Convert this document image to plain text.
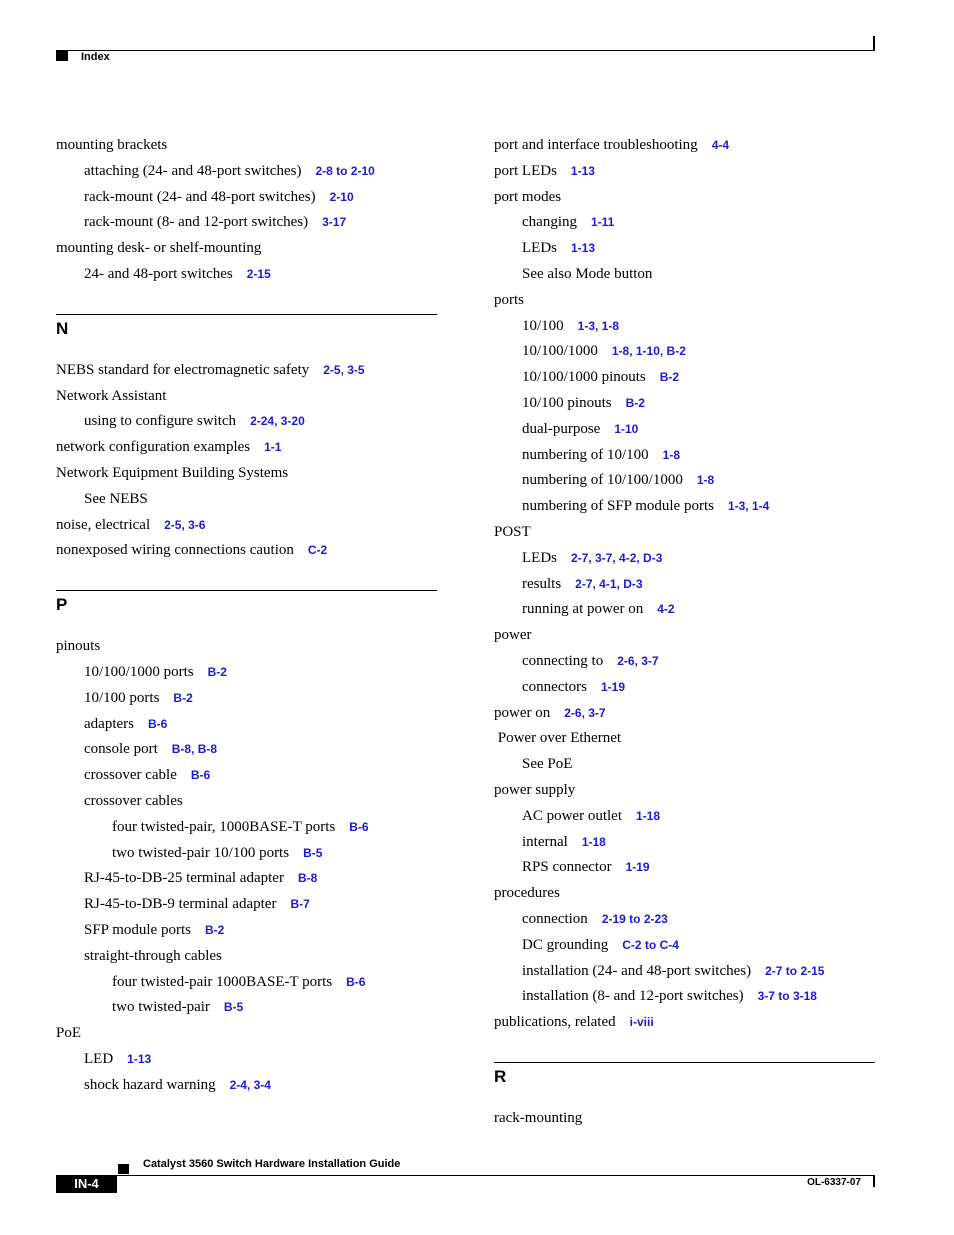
Index
mounting brackets
attaching (24- and 48-port switches) 2-8 to 2-10
rack-mount (24- and 48-port switches) 2-10
rack-mount (8- and 12-port switches) 3-17
mounting desk- or shelf-mounting
24- and 48-port switches 2-15
N
NEBS standard for electromagnetic safety 2-5, 3-5
Network Assistant
using to configure switch 2-24, 3-20
network configuration examples 1-1
Network Equipment Building Systems
See NEBS
noise, electrical 2-5, 3-6
nonexposed wiring connections caution C-2
P
pinouts
10/100/1000 ports B-2
10/100 ports B-2
adapters B-6
console port B-8, B-8
crossover cable B-6
crossover cables
four twisted-pair, 1000BASE-T ports B-6
two twisted-pair 10/100 ports B-5
RJ-45-to-DB-25 terminal adapter B-8
RJ-45-to-DB-9 terminal adapter B-7
SFP module ports B-2
straight-through cables
four twisted-pair 1000BASE-T ports B-6
two twisted-pair B-5
PoE
LED 1-13
shock hazard warning 2-4, 3-4
port and interface troubleshooting 4-4
port LEDs 1-13
port modes
changing 1-11
LEDs 1-13
See also Mode button
ports
10/100 1-3, 1-8
10/100/1000 1-8, 1-10, B-2
10/100/1000 pinouts B-2
10/100 pinouts B-2
dual-purpose 1-10
numbering of 10/100 1-8
numbering of 10/100/1000 1-8
numbering of SFP module ports 1-3, 1-4
POST
LEDs 2-7, 3-7, 4-2, D-3
results 2-7, 4-1, D-3
running at power on 4-2
power
connecting to 2-6, 3-7
connectors 1-19
power on 2-6, 3-7
Power over Ethernet
See PoE
power supply
AC power outlet 1-18
internal 1-18
RPS connector 1-19
procedures
connection 2-19 to 2-23
DC grounding C-2 to C-4
installation (24- and 48-port switches) 2-7 to 2-15
installation (8- and 12-port switches) 3-7 to 3-18
publications, related i-viii
R
rack-mounting
Catalyst 3560 Switch Hardware Installation Guide
IN-4	OL-6337-07
